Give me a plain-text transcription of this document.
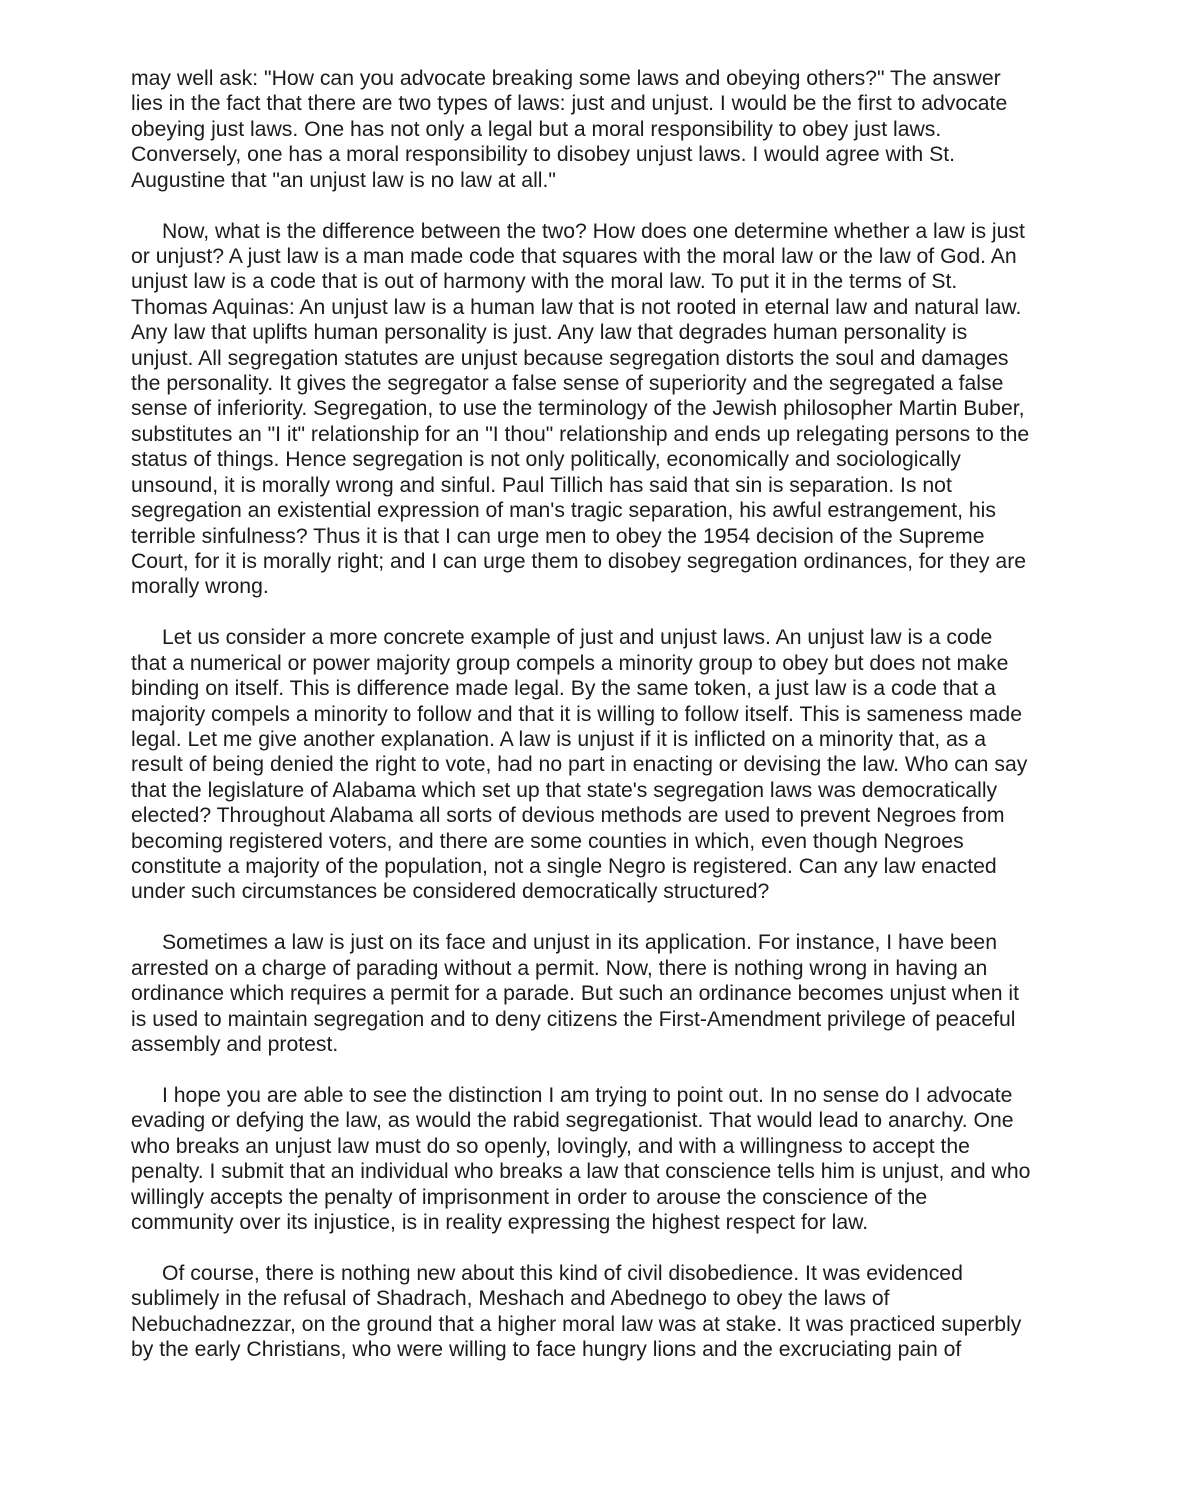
may well ask: "How can you advocate breaking some laws and obeying others?" The answer
lies in the fact that there are two types of laws: just and unjust. I would be the first to advocate
obeying just laws. One has not only a legal but a moral responsibility to obey just laws.
Conversely, one has a moral responsibility to disobey unjust laws. I would agree with St.
Augustine that "an unjust law is no law at all."
Now, what is the difference between the two? How does one determine whether a law is just
or unjust? A just law is a man made code that squares with the moral law or the law of God. An
unjust law is a code that is out of harmony with the moral law. To put it in the terms of St.
Thomas Aquinas: An unjust law is a human law that is not rooted in eternal law and natural law.
Any law that uplifts human personality is just. Any law that degrades human personality is
unjust. All segregation statutes are unjust because segregation distorts the soul and damages
the personality. It gives the segregator a false sense of superiority and the segregated a false
sense of inferiority. Segregation, to use the terminology of the Jewish philosopher Martin Buber,
substitutes an "I it" relationship for an "I thou" relationship and ends up relegating persons to the
status of things. Hence segregation is not only politically, economically and sociologically
unsound, it is morally wrong and sinful. Paul Tillich has said that sin is separation. Is not
segregation an existential expression of man's tragic separation, his awful estrangement, his
terrible sinfulness? Thus it is that I can urge men to obey the 1954 decision of the Supreme
Court, for it is morally right; and I can urge them to disobey segregation ordinances, for they are
morally wrong.
Let us consider a more concrete example of just and unjust laws. An unjust law is a code
that a numerical or power majority group compels a minority group to obey but does not make
binding on itself. This is difference made legal. By the same token, a just law is a code that a
majority compels a minority to follow and that it is willing to follow itself. This is sameness made
legal. Let me give another explanation. A law is unjust if it is inflicted on a minority that, as a
result of being denied the right to vote, had no part in enacting or devising the law. Who can say
that the legislature of Alabama which set up that state's segregation laws was democratically
elected? Throughout Alabama all sorts of devious methods are used to prevent Negroes from
becoming registered voters, and there are some counties in which, even though Negroes
constitute a majority of the population, not a single Negro is registered. Can any law enacted
under such circumstances be considered democratically structured?
Sometimes a law is just on its face and unjust in its application. For instance, I have been
arrested on a charge of parading without a permit. Now, there is nothing wrong in having an
ordinance which requires a permit for a parade. But such an ordinance becomes unjust when it
is used to maintain segregation and to deny citizens the First-Amendment privilege of peaceful
assembly and protest.
I hope you are able to see the distinction I am trying to point out. In no sense do I advocate
evading or defying the law, as would the rabid segregationist. That would lead to anarchy. One
who breaks an unjust law must do so openly, lovingly, and with a willingness to accept the
penalty. I submit that an individual who breaks a law that conscience tells him is unjust, and who
willingly accepts the penalty of imprisonment in order to arouse the conscience of the
community over its injustice, is in reality expressing the highest respect for law.
Of course, there is nothing new about this kind of civil disobedience. It was evidenced
sublimely in the refusal of Shadrach, Meshach and Abednego to obey the laws of
Nebuchadnezzar, on the ground that a higher moral law was at stake. It was practiced superbly
by the early Christians, who were willing to face hungry lions and the excruciating pain of
